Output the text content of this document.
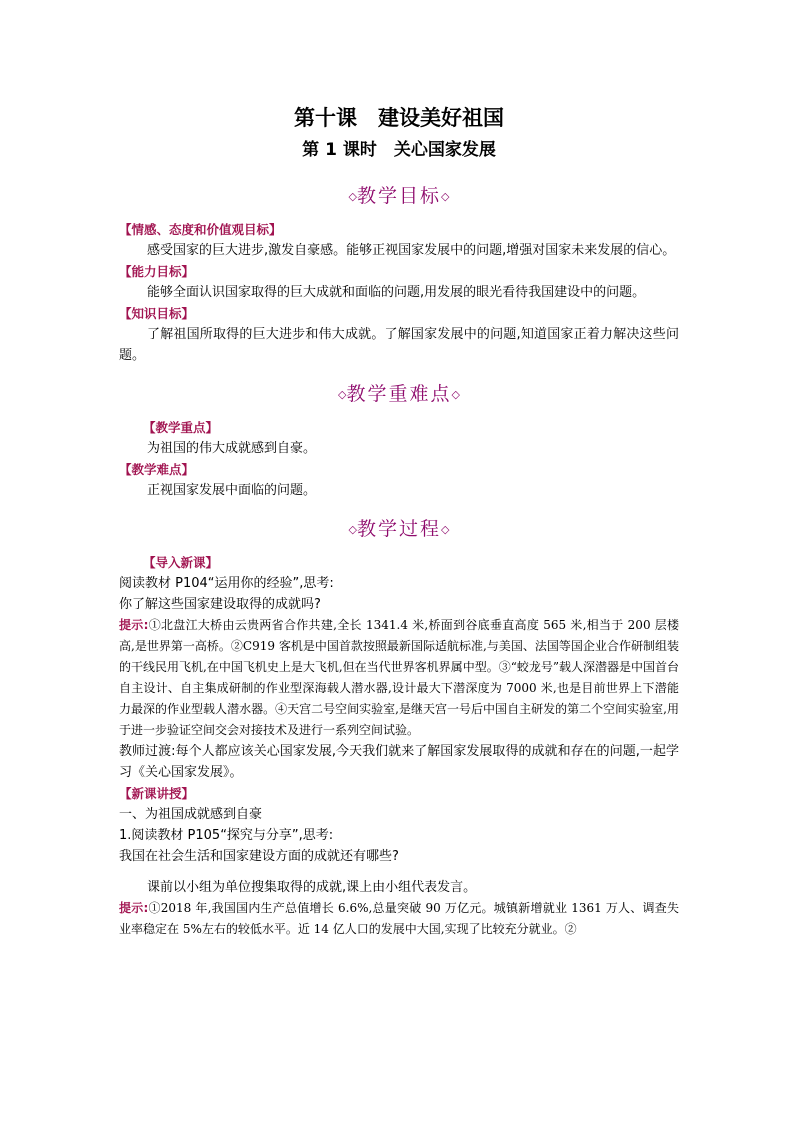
第十课　建设美好祖国
第 1 课时　关心国家发展
◇教学目标◇
【情感、态度和价值观目标】
感受国家的巨大进步,激发自豪感。能够正视国家发展中的问题,增强对国家未来发展的信心。
【能力目标】
能够全面认识国家取得的巨大成就和面临的问题,用发展的眼光看待我国建设中的问题。
【知识目标】
了解祖国所取得的巨大进步和伟大成就。了解国家发展中的问题,知道国家正着力解决这些问题。
◇教学重难点◇
【教学重点】
为祖国的伟大成就感到自豪。
【教学难点】
正视国家发展中面临的问题。
◇教学过程◇
【导入新课】
阅读教材 P104“运用你的经验”,思考:
你了解这些国家建设取得的成就吗?
提示:①北盘江大桥由云贵两省合作共建,全长 1341.4 米,桥面到谷底垂直高度 565 米,相当于 200 层楼高,是世界第一高桥。②C919 客机是中国首款按照最新国际适航标准,与美国、法国等国企业合作研制组装的干线民用飞机,在中国飞机史上是大飞机,但在当代世界客机界属中型。③“蛟龙号”载人深潜器是中国首台自主设计、自主集成研制的作业型深海载人潜水器,设计最大下潜深度为 7000 米,也是目前世界上下潜能力最深的作业型载人潜水器。④天宫二号空间实验室,是继天宫一号后中国自主研发的第二个空间实验室,用于进一步验证空间交会对接技术及进行一系列空间试验。
教师过渡:每个人都应该关心国家发展,今天我们就来了解国家发展取得的成就和存在的问题,一起学习《关心国家发展》。
【新课讲授】
一、为祖国成就感到自豪
1.阅读教材 P105“探究与分享”,思考:
我国在社会生活和国家建设方面的成就还有哪些?
课前以小组为单位搜集取得的成就,课上由小组代表发言。
提示:①2018 年,我国国内生产总值增长 6.6%,总量突破 90 万亿元。城镇新增就业 1361 万人、调查失业率稳定在 5%左右的较低水平。近 14 亿人口的发展中大国,实现了比较充分就业。②
